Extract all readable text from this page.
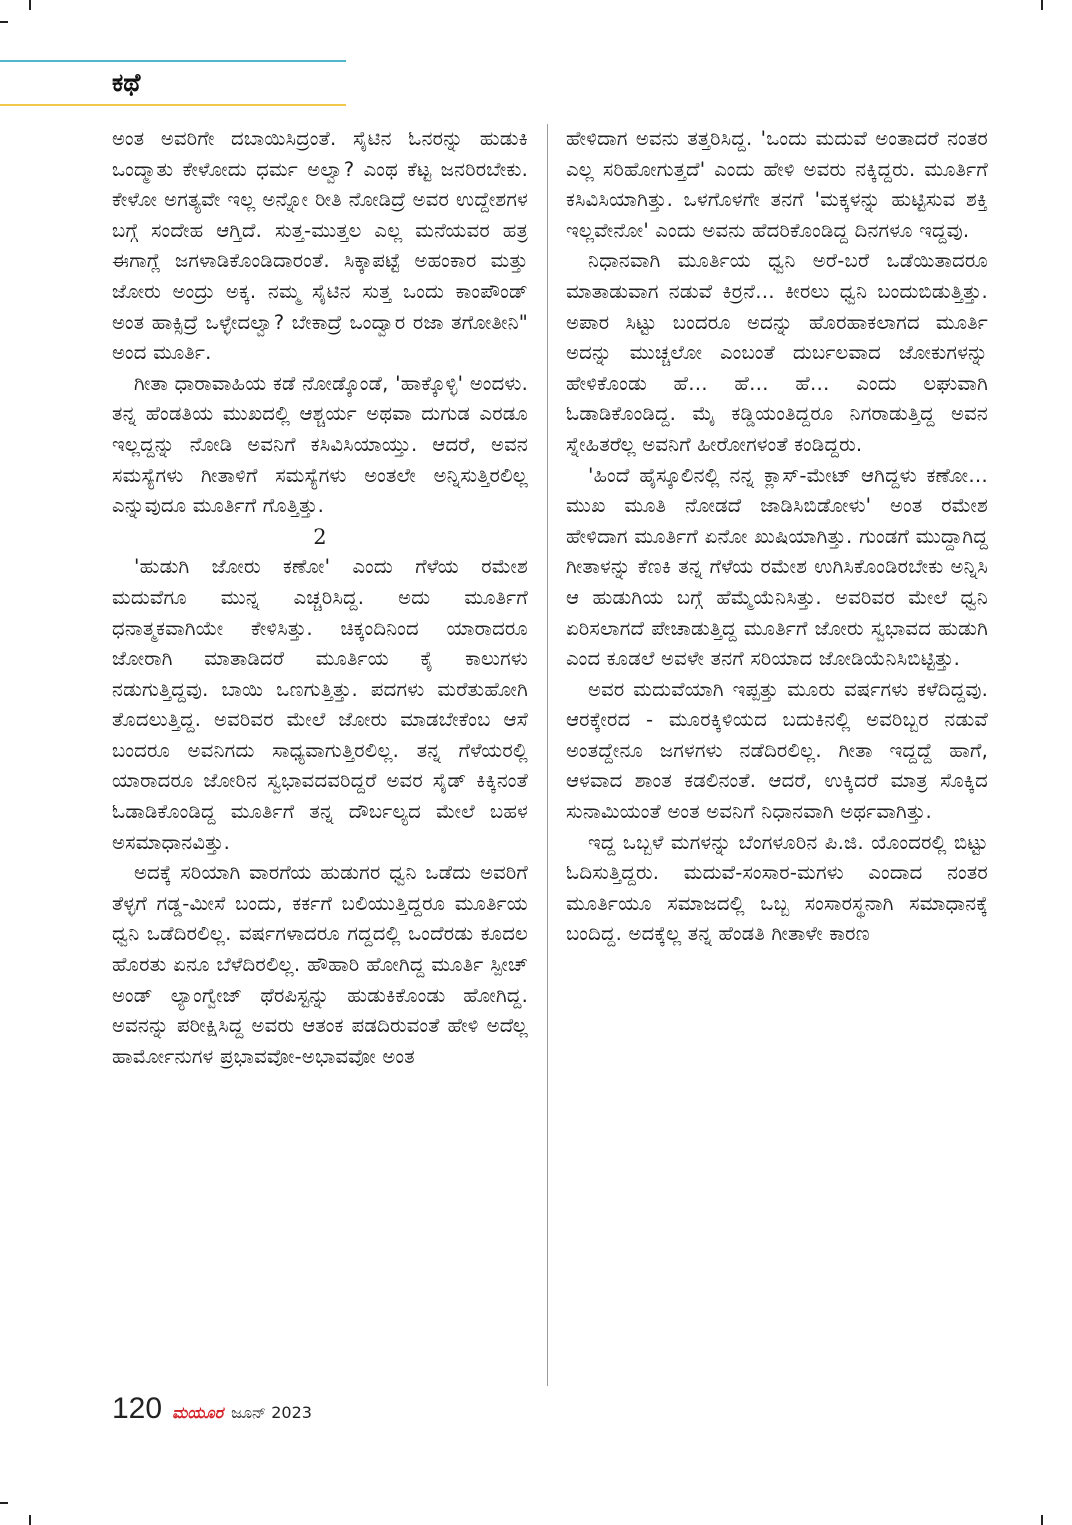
ಕಥೆ

ಅಂತ ಅವರಿಗೇ ದಬಾಯಿಸಿದ್ರಂತೆ. ಸೈಟಿನ ಓನರನ್ನು ಹುಡುಕಿ ಒಂದ್ಮಾತು ಕೇಳೋದು ಧರ್ಮ ಅಲ್ವಾ? ಎಂಥ ಕೆಟ್ಟ ಜನರಿರಬೇಕು. ಕೇಳೋ ಅಗತ್ಯವೇ ಇಲ್ಲ ಅನ್ನೋ ರೀತಿ ನೋಡಿದ್ರೆ ಅವರ ಉದ್ದೇಶಗಳ ಬಗ್ಗೆ ಸಂದೇಹ ಆಗ್ತಿದೆ. ಸುತ್ತ-ಮುತ್ತಲ ಎಲ್ಲ ಮನೆಯವರ ಹತ್ರ ಈಗಾಗ್ಲೆ ಜಗಳಾಡಿಕೊಂಡಿದಾರಂತೆ. ಸಿಕ್ಕಾಪಟ್ಟೆ ಅಹಂಕಾರ ಮತ್ತು ಜೋರು ಅಂದ್ರು ಅಕ್ಕ. ನಮ್ಮ ಸೈಟಿನ ಸುತ್ತ ಒಂದು ಕಾಂಪೌಂಡ್ ಅಂತ ಹಾಕ್ಸಿದ್ರೆ ಒಳ್ಳೇದಲ್ವಾ? ಬೇಕಾದ್ರೆ ಒಂದ್ವಾರ ರಜಾ ತಗೋತೀನಿ" ಅಂದ ಮೂರ್ತಿ.

ಗೀತಾ ಧಾರಾವಾಹಿಯ ಕಡೆ ನೋಡ್ಕೊಂಡೆ, 'ಹಾಕ್ಕೊಳ್ಳಿ' ಅಂದಳು. ತನ್ನ ಹೆಂಡತಿಯ ಮುಖದಲ್ಲಿ ಆಶ್ಚರ್ಯ ಅಥವಾ ದುಗುಡ ಎರಡೂ ಇಲ್ಲದ್ದನ್ನು ನೋಡಿ ಅವನಿಗೆ ಕಸಿವಿಸಿಯಾಯ್ತು. ಆದರೆ, ಅವನ ಸಮಸ್ಯೆಗಳು ಗೀತಾಳಿಗೆ ಸಮಸ್ಯೆಗಳು ಅಂತಲೇ ಅನ್ನಿಸುತ್ತಿರಲಿಲ್ಲ ಎನ್ನುವುದೂ ಮೂರ್ತಿಗೆ ಗೊತ್ತಿತ್ತು.

2

'ಹುಡುಗಿ ಜೋರು ಕಣೋ' ಎಂದು ಗೆಳೆಯ ರಮೇಶ ಮದುವೆಗೂ ಮುನ್ನ ಎಚ್ಚರಿಸಿದ್ದ. ಅದು ಮೂರ್ತಿಗೆ ಧನಾತ್ಮಕವಾಗಿಯೇ ಕೇಳಿಸಿತ್ತು. ಚಿಕ್ಕಂದಿನಿಂದ ಯಾರಾದರೂ ಜೋರಾಗಿ ಮಾತಾಡಿದರೆ ಮೂರ್ತಿಯ ಕೈ ಕಾಲುಗಳು ನಡುಗುತ್ತಿದ್ದವು. ಬಾಯಿ ಒಣಗುತ್ತಿತ್ತು. ಪದಗಳು ಮರೆತುಹೋಗಿ ತೊದಲುತ್ತಿದ್ದ. ಅವರಿವರ ಮೇಲೆ ಜೋರು ಮಾಡಬೇಕೆಂಬ ಆಸೆ ಬಂದರೂ ಅವನಿಗದು ಸಾಧ್ಯವಾಗುತ್ತಿರಲಿಲ್ಲ. ತನ್ನ ಗೆಳೆಯರಲ್ಲಿ ಯಾರಾದರೂ ಜೋರಿನ ಸ್ವಭಾವದವರಿದ್ದರೆ ಅವರ ಸೈಡ್ ಕಿಕ್ಕಿನಂತೆ ಓಡಾಡಿಕೊಂಡಿದ್ದ ಮೂರ್ತಿಗೆ ತನ್ನ ದೌರ್ಬಲ್ಯದ ಮೇಲೆ ಬಹಳ ಅಸಮಾಧಾನವಿತ್ತು.

ಅದಕ್ಕೆ ಸರಿಯಾಗಿ ವಾರಗೆಯ ಹುಡುಗರ ಧ್ವನಿ ಒಡೆದು ಅವರಿಗೆ ತೆಳ್ಳಗೆ ಗಡ್ಡ-ಮೀಸೆ ಬಂದು, ಕರ್ಕಗೆ ಬಲಿಯುತ್ತಿದ್ದರೂ ಮೂರ್ತಿಯ ಧ್ವನಿ ಒಡೆದಿರಲಿಲ್ಲ. ವರ್ಷಗಳಾದರೂ ಗದ್ದದಲ್ಲಿ ಒಂದೆರಡು ಕೂದಲ ಹೊರತು ಏನೂ ಬೆಳೆದಿರಲಿಲ್ಲ. ಹೌಹಾರಿ ಹೋಗಿದ್ದ ಮೂರ್ತಿ ಸ್ಪೀಚ್ ಅಂಡ್ ಲ್ಯಾಂಗ್ವೇಜ್ ಥೆರಪಿಸ್ಟನ್ನು ಹುಡುಕಿಕೊಂಡು ಹೋಗಿದ್ದ. ಅವನನ್ನು ಪರೀಕ್ಷಿಸಿದ್ದ ಅವರು ಆತಂಕ ಪಡದಿರುವಂತೆ ಹೇಳಿ ಅದೆಲ್ಲ ಹಾರ್ಮೋನುಗಳ ಪ್ರಭಾವವೋ-ಅಭಾವವೋ ಅಂತ

ಹೇಳಿದಾಗ ಅವನು ತತ್ತರಿಸಿದ್ದ. 'ಒಂದು ಮದುವೆ ಅಂತಾದರೆ ನಂತರ ಎಲ್ಲ ಸರಿಹೋಗುತ್ತದೆ' ಎಂದು ಹೇಳಿ ಅವರು ನಕ್ಕಿದ್ದರು. ಮೂರ್ತಿಗೆ ಕಸಿವಿಸಿಯಾಗಿತ್ತು. ಒಳಗೊಳಗೇ ತನಗೆ 'ಮಕ್ಕಳನ್ನು ಹುಟ್ಟಿಸುವ ಶಕ್ತಿ ಇಲ್ಲವೇನೋ' ಎಂದು ಅವನು ಹೆದರಿಕೊಂಡಿದ್ದ ದಿನಗಳೂ ಇದ್ದವು.

ನಿಧಾನವಾಗಿ ಮೂರ್ತಿಯ ಧ್ವನಿ ಅರೆ-ಬರೆ ಒಡೆಯಿತಾದರೂ ಮಾತಾಡುವಾಗ ನಡುವೆ ಕಿರ್ರನೆ… ಕೀರಲು ಧ್ವನಿ ಬಂದುಬಿಡುತ್ತಿತ್ತು. ಅಪಾರ ಸಿಟ್ಟು ಬಂದರೂ ಅದನ್ನು ಹೊರಹಾಕಲಾಗದ ಮೂರ್ತಿ ಅದನ್ನು ಮುಚ್ಚಲೋ ಎಂಬಂತೆ ದುರ್ಬಲವಾದ ಜೋಕುಗಳನ್ನು ಹೇಳಿಕೊಂಡು ಹೆ… ಹೆ… ಹೆ… ಎಂದು ಲಘುವಾಗಿ ಓಡಾಡಿಕೊಂಡಿದ್ದ. ಮೈ ಕಡ್ಡಿಯಂತಿದ್ದರೂ ನಿಗರಾಡುತ್ತಿದ್ದ ಅವನ ಸ್ನೇಹಿತರೆಲ್ಲ ಅವನಿಗೆ ಹೀರೋಗಳಂತೆ ಕಂಡಿದ್ದರು.

'ಹಿಂದೆ ಹೈಸ್ಕೂಲಿನಲ್ಲಿ ನನ್ನ ಕ್ಲಾಸ್-ಮೇಟ್ ಆಗಿದ್ದಳು ಕಣೋ… ಮುಖ ಮೂತಿ ನೋಡದೆ ಜಾಡಿಸಿಬಿಡೋಳು' ಅಂತ ರಮೇಶ ಹೇಳಿದಾಗ ಮೂರ್ತಿಗೆ ಏನೋ ಖುಷಿಯಾಗಿತ್ತು. ಗುಂಡಗೆ ಮುದ್ದಾಗಿದ್ದ ಗೀತಾಳನ್ನು ಕೆಣಕಿ ತನ್ನ ಗೆಳೆಯ ರಮೇಶ ಉಗಿಸಿಕೊಂಡಿರಬೇಕು ಅನ್ನಿಸಿ ಆ ಹುಡುಗಿಯ ಬಗ್ಗೆ ಹೆಮ್ಮೆಯೆನಿಸಿತ್ತು. ಅವರಿವರ ಮೇಲೆ ಧ್ವನಿ ಏರಿಸಲಾಗದೆ ಪೇಚಾಡುತ್ತಿದ್ದ ಮೂರ್ತಿಗೆ ಜೋರು ಸ್ವಭಾವದ ಹುಡುಗಿ ಎಂದ ಕೂಡಲೆ ಅವಳೇ ತನಗೆ ಸರಿಯಾದ ಜೋಡಿಯೆನಿಸಿಬಿಟ್ಟಿತ್ತು.

ಅವರ ಮದುವೆಯಾಗಿ ಇಪ್ಪತ್ತು ಮೂರು ವರ್ಷಗಳು ಕಳೆದಿದ್ದವು. ಆರಕ್ಕೇರದ - ಮೂರಕ್ಕಿಳಿಯದ ಬದುಕಿನಲ್ಲಿ ಅವರಿಬ್ಬರ ನಡುವೆ ಅಂತದ್ದೇನೂ ಜಗಳಗಳು ನಡೆದಿರಲಿಲ್ಲ. ಗೀತಾ ಇದ್ದದ್ದೆ ಹಾಗೆ, ಆಳವಾದ ಶಾಂತ ಕಡಲಿನಂತೆ. ಆದರೆ, ಉಕ್ಕಿದರೆ ಮಾತ್ರ ಸೊಕ್ಕಿದ ಸುನಾಮಿಯಂತೆ ಅಂತ ಅವನಿಗೆ ನಿಧಾನವಾಗಿ ಅರ್ಥವಾಗಿತ್ತು.

ಇದ್ದ ಒಬ್ಬಳೆ ಮಗಳನ್ನು ಬೆಂಗಳೂರಿನ ಪಿ.ಜಿ. ಯೊಂದರಲ್ಲಿ ಬಿಟ್ಟು ಓದಿಸುತ್ತಿದ್ದರು. ಮದುವೆ-ಸಂಸಾರ-ಮಗಳು ಎಂದಾದ ನಂತರ ಮೂರ್ತಿಯೂ ಸಮಾಜದಲ್ಲಿ ಒಬ್ಬ ಸಂಸಾರಸ್ಥನಾಗಿ ಸಮಾಧಾನಕ್ಕೆ ಬಂದಿದ್ದ. ಅದಕ್ಕೆಲ್ಲ ತನ್ನ ಹೆಂಡತಿ ಗೀತಾಳೇ ಕಾರಣ

120 ಮಯೂರ ಜೂನ್ 2023
